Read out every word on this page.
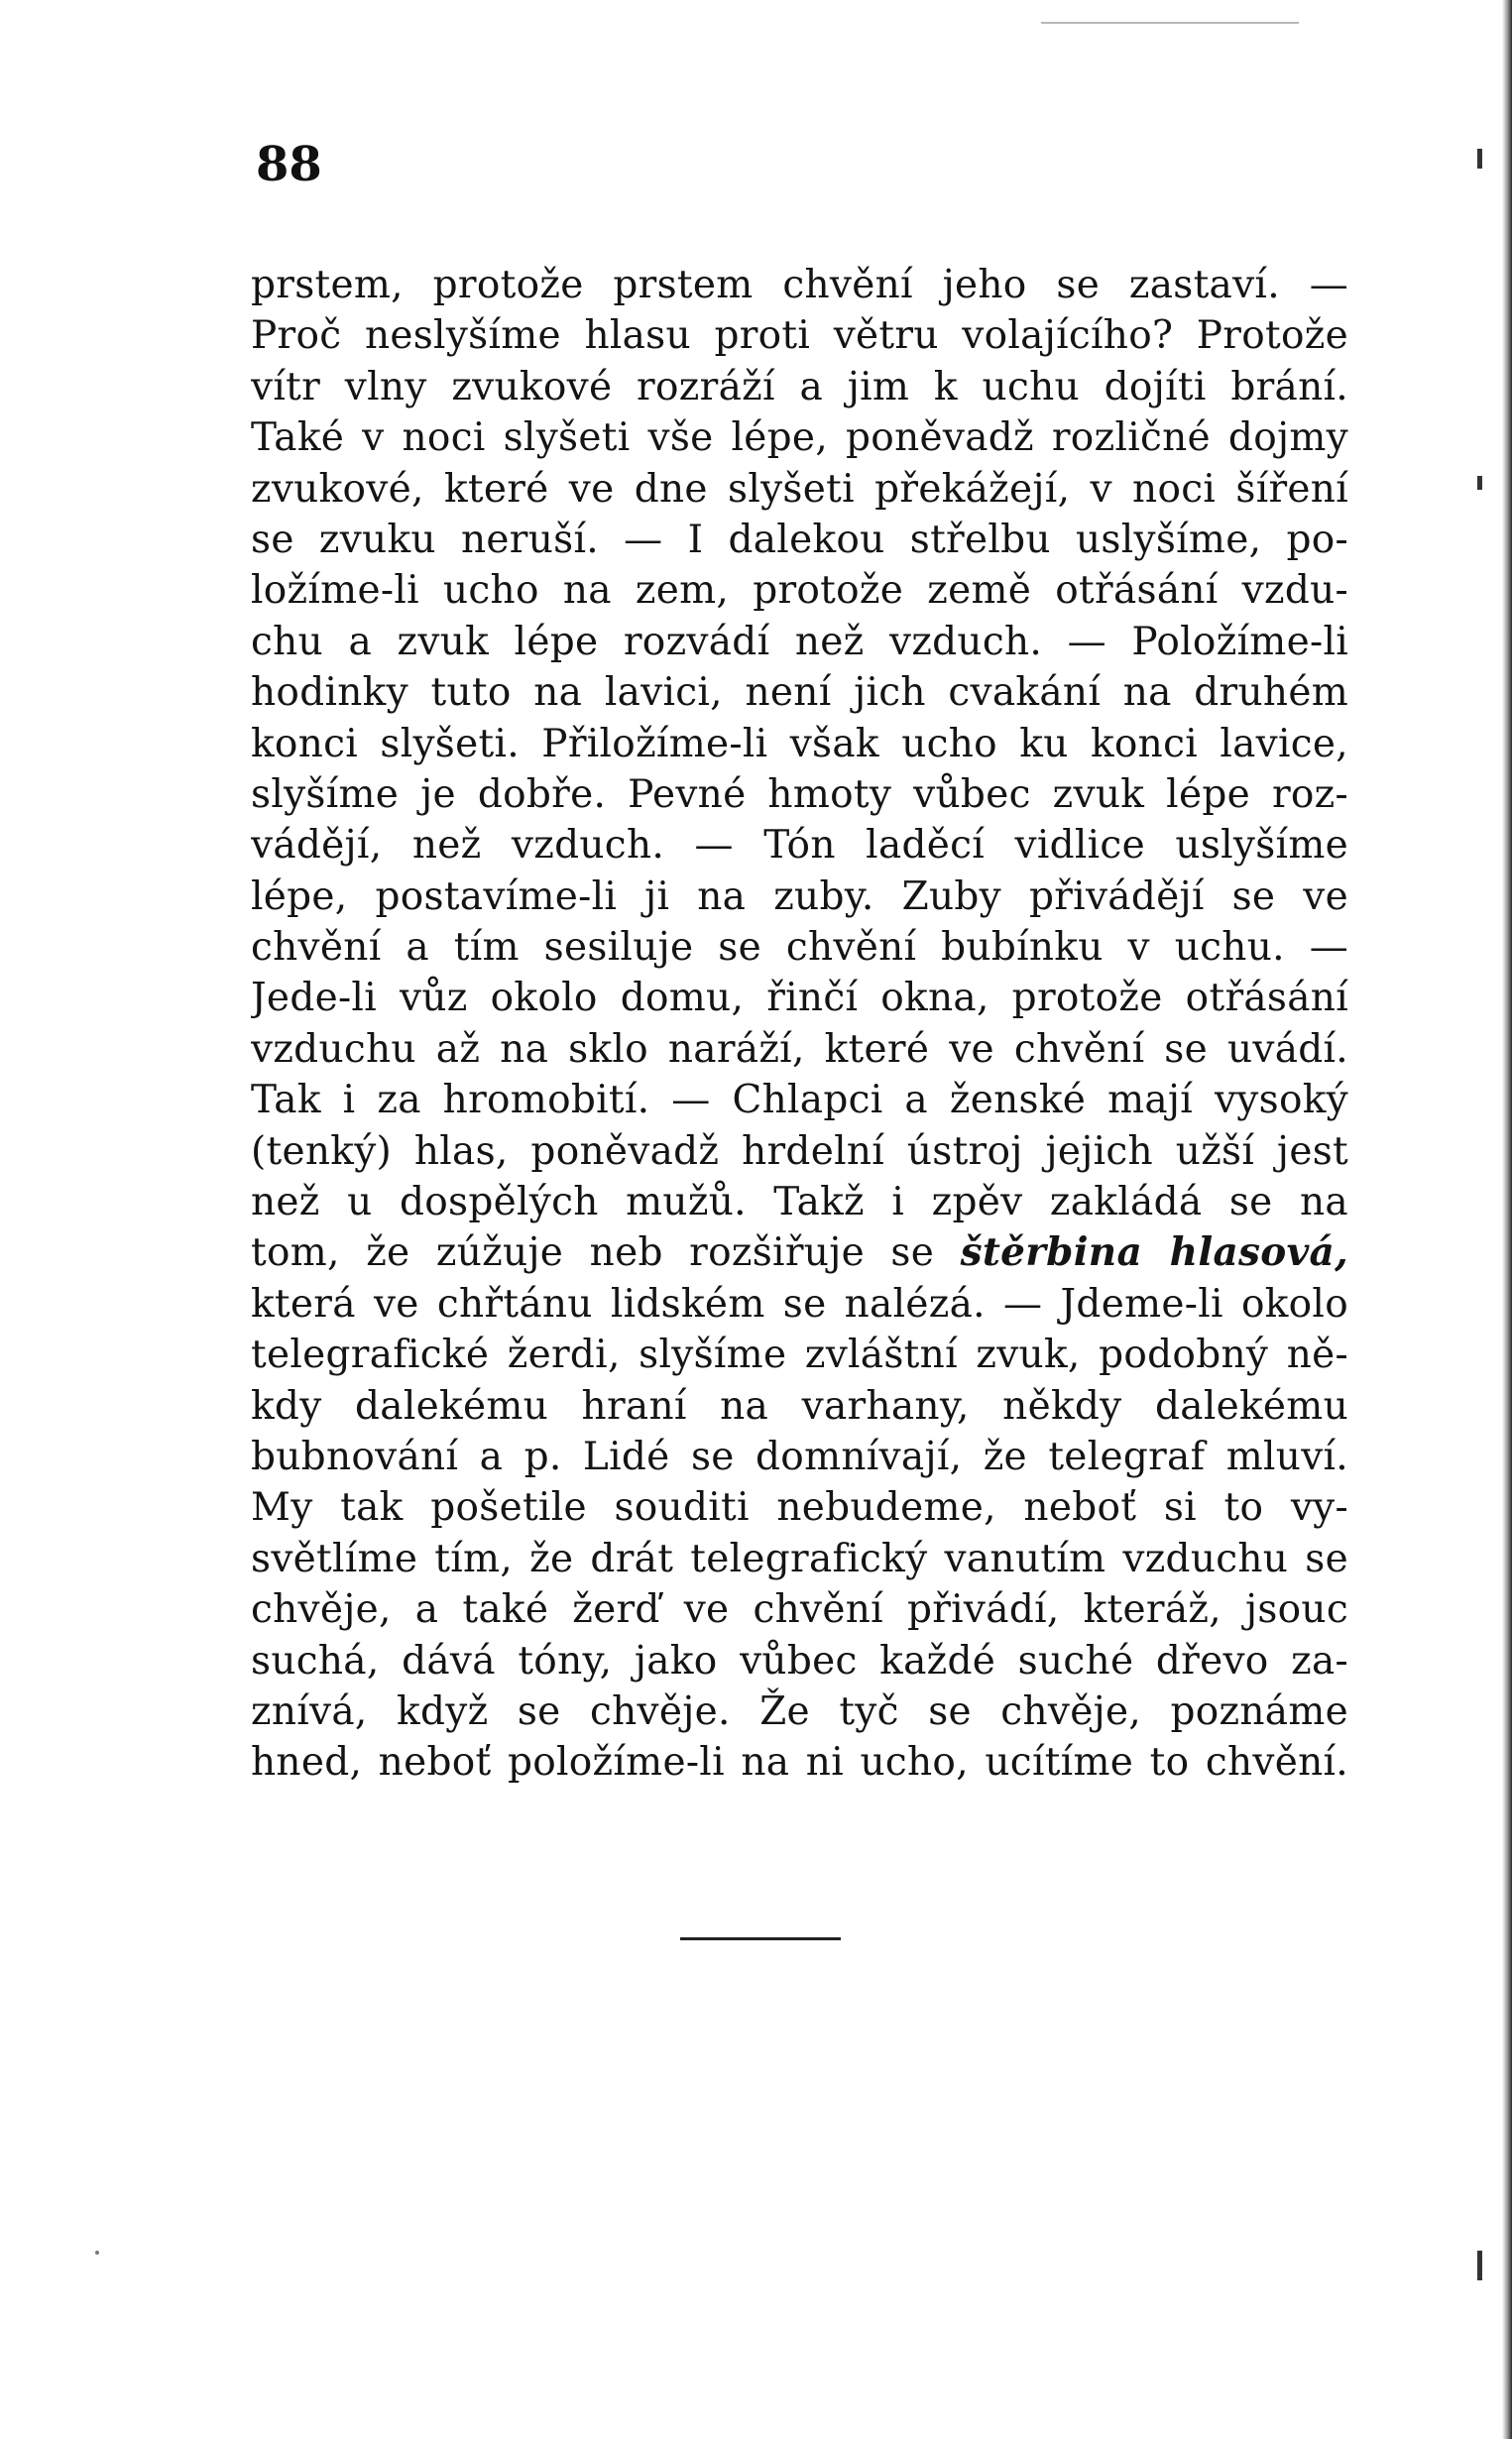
88
prstem, protože prstem chvění jeho se zastaví. —
Proč neslyšíme hlasu proti větru volajícího? Protože
vítr vlny zvukové rozráží a jim k uchu dojíti brání.
Také v noci slyšeti vše lépe, poněvadž rozličné dojmy
zvukové, které ve dne slyšeti překážejí, v noci šíření
se zvuku neruší. — I dalekou střelbu uslyšíme, po-
ložíme-li ucho na zem, protože země otřásání vzdu-
chu a zvuk lépe rozvádí než vzduch. — Položíme-li
hodinky tuto na lavici, není jich cvakání na druhém
konci slyšeti. Přiložíme-li však ucho ku konci lavice,
slyšíme je dobře. Pevné hmoty vůbec zvuk lépe roz-
vádějí, než vzduch. — Tón laděcí vidlice uslyšíme
lépe, postavíme-li ji na zuby. Zuby přivádějí se ve
chvění a tím sesiluje se chvění bubínku v uchu. —
Jede-li vůz okolo domu, řinčí okna, protože otřásání
vzduchu až na sklo naráží, které ve chvění se uvádí.
Tak i za hromobití. — Chlapci a ženské mají vysoký
(tenký) hlas, poněvadž hrdelní ústroj jejich užší jest
než u dospělých mužů. Takž i zpěv zakládá se na
tom, že zúžuje neb rozšiřuje se štěrbina hlasová,
která ve chřtánu lidském se nalézá. — Jdeme-li okolo
telegrafické žerdi, slyšíme zvláštní zvuk, podobný ně-
kdy dalekému hraní na varhany, někdy dalekému
bubnování a p. Lidé se domnívají, že telegraf mluví.
My tak pošetile souditi nebudeme, neboť si to vy-
světlíme tím, že drát telegrafický vanutím vzduchu se
chvěje, a také žerď ve chvění přivádí, kteráž, jsouc
suchá, dává tóny, jako vůbec každé suché dřevo za-
znívá, když se chvěje. Že tyč se chvěje, poznáme
hned, neboť položíme-li na ni ucho, ucítíme to chvění.
